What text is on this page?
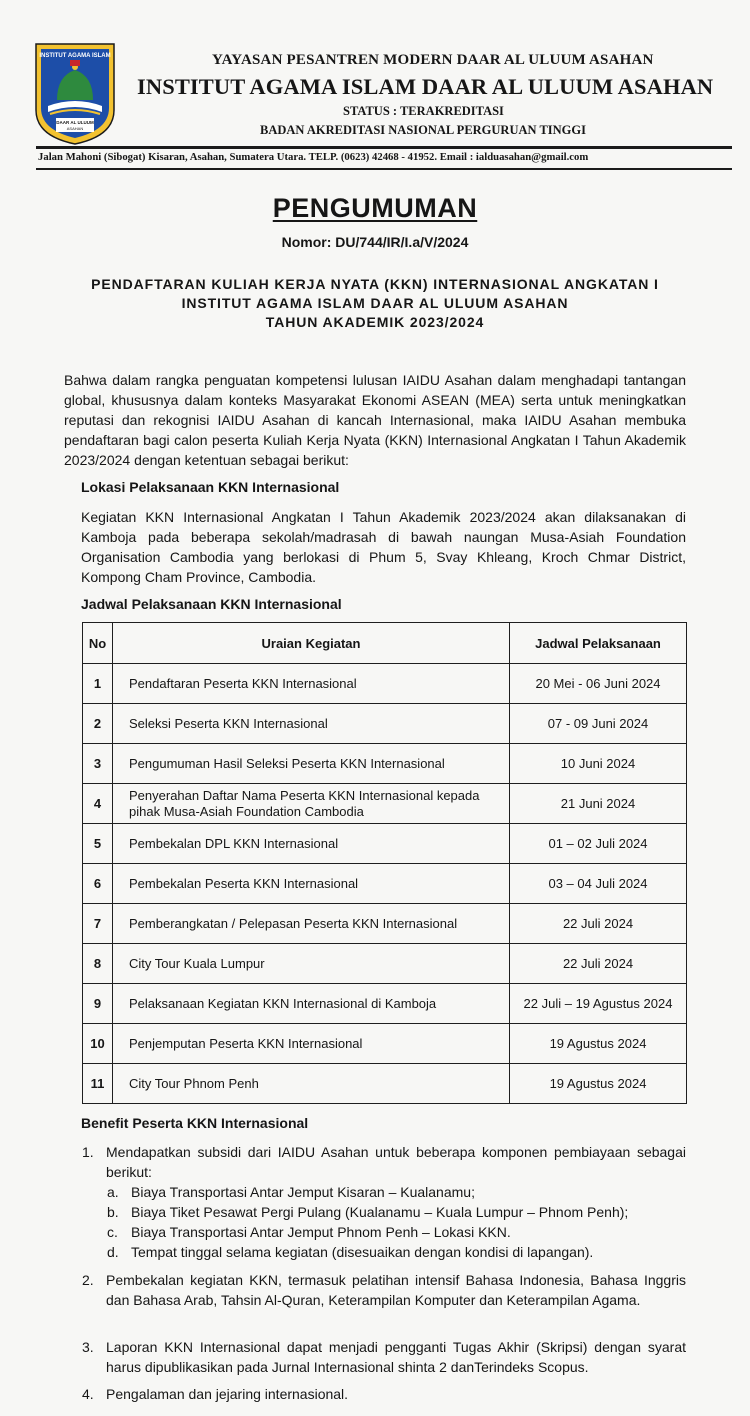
INSTITUT AGAMA ISLAM
DAAR AL ULUUM
ASAHAN
YAYASAN PESANTREN MODERN DAAR AL ULUUM ASAHAN
INSTITUT AGAMA ISLAM DAAR AL ULUUM ASAHAN
STATUS : TERAKREDITASI
BADAN AKREDITASI NASIONAL PERGURUAN TINGGI
Jalan Mahoni (Sibogat) Kisaran, Asahan, Sumatera Utara. TELP. (0623) 42468 - 41952. Email : ialduasahan@gmail.com
PENGUMUMAN
Nomor: DU/744/IR/I.a/V/2024
PENDAFTARAN KULIAH KERJA NYATA (KKN) INTERNASIONAL ANGKATAN I
INSTITUT AGAMA ISLAM DAAR AL ULUUM ASAHAN
TAHUN AKADEMIK 2023/2024

Bahwa dalam rangka penguatan kompetensi lulusan IAIDU Asahan dalam menghadapi tantangan global, khususnya dalam konteks Masyarakat Ekonomi ASEAN (MEA) serta untuk meningkatkan reputasi dan rekognisi IAIDU Asahan di kancah Internasional, maka IAIDU Asahan membuka pendaftaran bagi calon peserta Kuliah Kerja Nyata (KKN) Internasional Angkatan I Tahun Akademik 2023/2024 dengan ketentuan sebagai berikut:

Lokasi Pelaksanaan KKN Internasional

Kegiatan KKN Internasional Angkatan I Tahun Akademik 2023/2024 akan dilaksanakan di Kamboja pada beberapa sekolah/madrasah di bawah naungan Musa-Asiah Foundation Organisation Cambodia yang berlokasi di Phum 5, Svay Khleang, Kroch Chmar District, Kompong Cham Province, Cambodia.

Jadwal Pelaksanaan KKN Internasional
No	Uraian Kegiatan	Jadwal Pelaksanaan
1	Pendaftaran Peserta KKN Internasional	20 Mei - 06 Juni 2024
2	Seleksi Peserta KKN Internasional	07 - 09 Juni 2024
3	Pengumuman Hasil Seleksi Peserta KKN Internasional	10 Juni 2024
4	Penyerahan Daftar Nama Peserta KKN Internasional kepada pihak Musa-Asiah Foundation Cambodia	21 Juni 2024
5	Pembekalan DPL KKN Internasional	01 – 02 Juli 2024
6	Pembekalan Peserta KKN Internasional	03 – 04 Juli 2024
7	Pemberangkatan / Pelepasan Peserta KKN Internasional	22 Juli 2024
8	City Tour Kuala Lumpur	22 Juli 2024
9	Pelaksanaan Kegiatan KKN Internasional di Kamboja	22 Juli – 19 Agustus 2024
10	Penjemputan Peserta KKN Internasional	19 Agustus 2024
11	City Tour Phnom Penh	19 Agustus 2024
Benefit Peserta KKN Internasional
1. Mendapatkan subsidi dari IAIDU Asahan untuk beberapa komponen pembiayaan sebagai berikut:

a. Biaya Transportasi Antar Jemput Kisaran – Kualanamu;
b. Biaya Tiket Pesawat Pergi Pulang (Kualanamu – Kuala Lumpur – Phnom Penh);
c. Biaya Transportasi Antar Jemput Phnom Penh – Lokasi KKN.
d. Tempat tinggal selama kegiatan (disesuaikan dengan kondisi di lapangan).
2. Pembekalan kegiatan KKN, termasuk pelatihan intensif Bahasa Indonesia, Bahasa Inggris dan Bahasa Arab, Tahsin Al-Quran, Keterampilan Komputer dan Keterampilan Agama.

3. Laporan KKN Internasional dapat menjadi pengganti Tugas Akhir (Skripsi) dengan syarat harus dipublikasikan pada Jurnal Internasional shinta 2 danTerindeks Scopus.

4. Pengalaman dan jejaring internasional.
